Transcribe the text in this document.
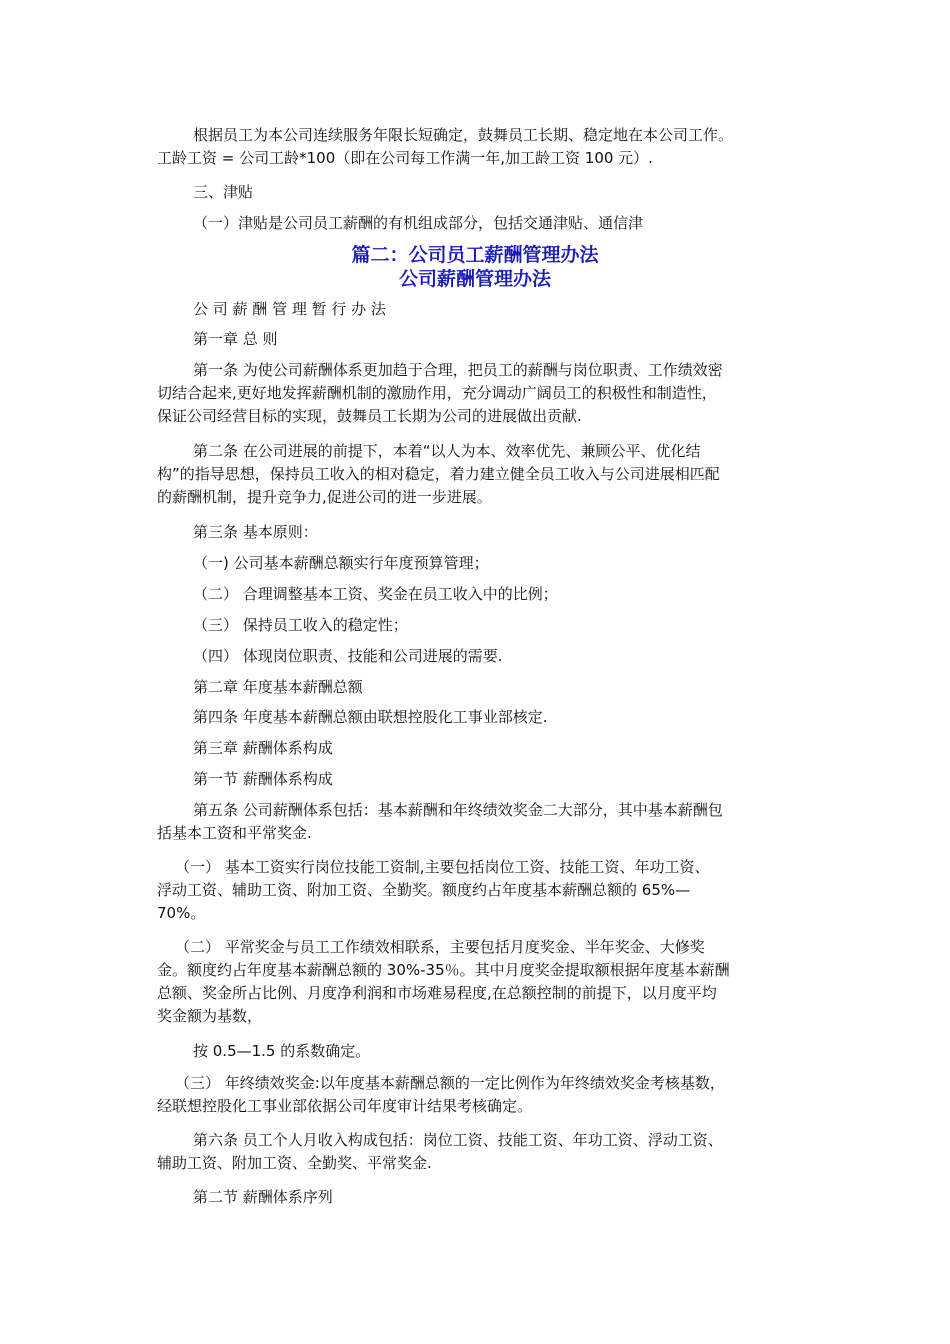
根据员工为本公司连续服务年限长短确定，鼓舞员工长期、稳定地在本公司工作。
工龄工资 = 公司工龄*100（即在公司每工作满一年,加工龄工资 100 元）.

三、津贴

（一）津贴是公司员工薪酬的有机组成部分，包括交通津贴、通信津

篇二：公司员工薪酬管理办法
公司薪酬管理办法

公 司 薪 酬 管 理 暂 行 办 法

第一章 总 则

第一条 为使公司薪酬体系更加趋于合理，把员工的薪酬与岗位职责、工作绩效密
切结合起来,更好地发挥薪酬机制的激励作用，充分调动广阔员工的积极性和制造性，
保证公司经营目标的实现，鼓舞员工长期为公司的进展做出贡献.
第二条 在公司进展的前提下，本着“以人为本、效率优先、兼顾公平、优化结
构”的指导思想，保持员工收入的相对稳定，着力建立健全员工收入与公司进展相匹配
的薪酬机制，提升竞争力,促进公司的进一步进展。

第三条 基本原则：

（一) 公司基本薪酬总额实行年度预算管理；

（二） 合理调整基本工资、奖金在员工收入中的比例；

（三） 保持员工收入的稳定性；

（四） 体现岗位职责、技能和公司进展的需要.

第二章 年度基本薪酬总额

第四条 年度基本薪酬总额由联想控股化工事业部核定.

第三章 薪酬体系构成

第一节 薪酬体系构成

第五条 公司薪酬体系包括：基本薪酬和年终绩效奖金二大部分，其中基本薪酬包
括基本工资和平常奖金.
（一） 基本工资实行岗位技能工资制,主要包括岗位工资、技能工资、年功工资、
浮动工资、辅助工资、附加工资、全勤奖。额度约占年度基本薪酬总额的 65%—
70%。
（二） 平常奖金与员工工作绩效相联系，主要包括月度奖金、半年奖金、大修奖
金。额度约占年度基本薪酬总额的 30%-35％。其中月度奖金提取额根据年度基本薪酬
总额、奖金所占比例、月度净利润和市场难易程度,在总额控制的前提下，以月度平均
奖金额为基数，

按 0.5—1.5 的系数确定。

（三） 年终绩效奖金:以年度基本薪酬总额的一定比例作为年终绩效奖金考核基数，
经联想控股化工事业部依据公司年度审计结果考核确定。
第六条 员工个人月收入构成包括：岗位工资、技能工资、年功工资、浮动工资、
辅助工资、附加工资、全勤奖、平常奖金.

第二节 薪酬体系序列
